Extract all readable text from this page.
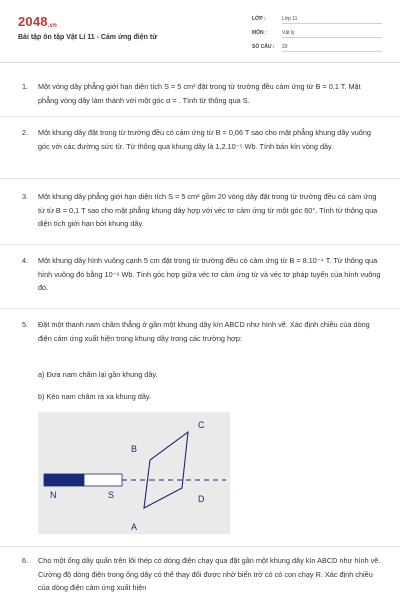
2048.vn
Bài tập ôn tập Vật Lí 11 - Cảm ứng điện từ
LỚP :	Lớp 11
MÔN :	Vật lý
SỐ CÂU : 20
1.	Một vòng dây phẳng giới hạn diện tích S = 5 cm² đặt trong từ trường đều cảm ứng từ B = 0,1 T. Mặt phẳng vòng dây làm thành với một góc α = . Tính từ thông qua S.
2.	Một khung dây đặt trong từ trường đều có cảm ứng từ B = 0,06 T sao cho mặt phẳng khung dây vuông góc với các đường sức từ. Từ thông qua khung dây là 1,2.10⁻⁵ Wb. Tính bán kín vòng dây.
3.	Một khung dây phẳng giới hạn diện tích S = 5 cm² gồm 20 vòng dây đặt trong từ trường đều có cảm ứng từ từ B = 0,1 T sao cho mặt phẳng khung dây hợp với véc tơ cảm ứng từ một góc 60°. Tính từ thông qua diện tích giới hạn bởi khung dây.
4.	Một khung dây hình vuông cạnh 5 cm đặt trong từ trường đều có cảm ứng từ B = 8.10⁻⁴ T. Từ thông qua hình vuông đó bằng 10⁻⁶ Wb. Tính góc hợp giữa véc tơ cảm ứng từ và véc tơ pháp tuyến của hình vuông đó.
5.	Đặt một thanh nam châm thẳng ở gần một khung dây kín ABCD như hình vẽ. Xác định chiều của dòng điện cảm ứng xuất hiện trong khung dây trong các trường hợp:
a) Đưa nam châm lại gần khung dây.
b) Kéo nam châm ra xa khung dây.
N	S
B
C
D
A
6.	Cho một ống dây quấn trên lõi thép có dòng điện chạy qua đặt gần một khung dây kín ABCD như hình vẽ. Cường độ dòng điện trong ống dây có thể thay đổi được nhờ biến trở có có con chạy R. Xác định chiều của dòng điện cảm ứng xuất hiện
